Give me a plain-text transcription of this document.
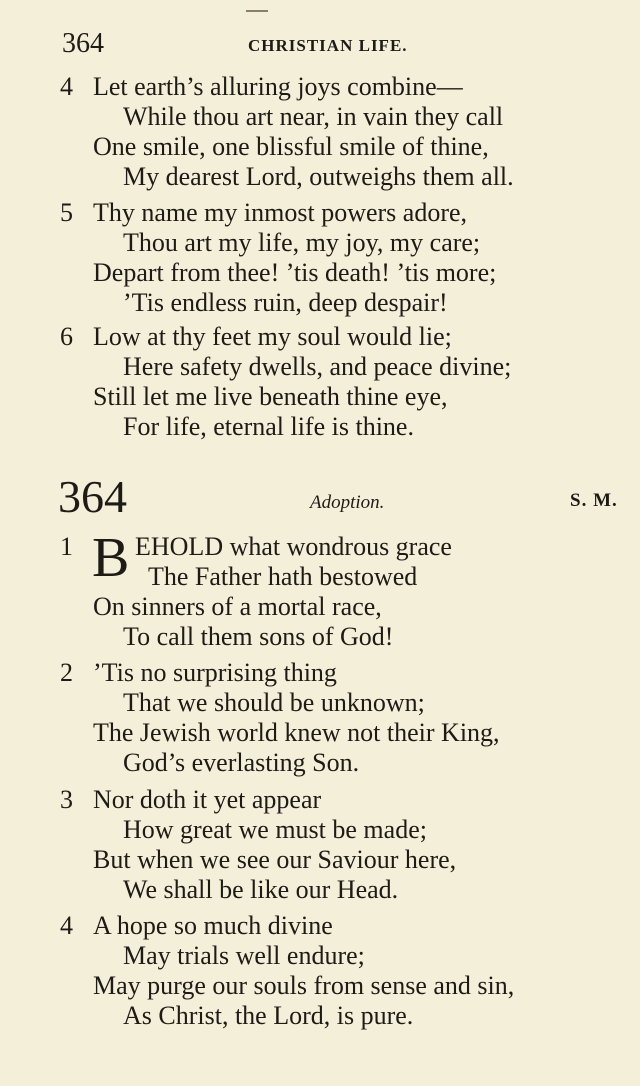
364	CHRISTIAN LIFE.
4 Let earth’s alluring joys combine—
While thou art near, in vain they call
One smile, one blissful smile of thine,
My dearest Lord, outweighs them all.
5 Thy name my inmost powers adore,
Thou art my life, my joy, my care;
Depart from thee! ’tis death! ’tis more;
’Tis endless ruin, deep despair!
6 Low at thy feet my soul would lie;
Here safety dwells, and peace divine;
Still let me live beneath thine eye,
For life, eternal life is thine.
364	Adoption.	S. M.
1 B EHOLD what wondrous grace
The Father hath bestowed
On sinners of a mortal race,
To call them sons of God!
2 ’Tis no surprising thing
That we should be unknown;
The Jewish world knew not their King,
God’s everlasting Son.
3 Nor doth it yet appear
How great we must be made;
But when we see our Saviour here,
We shall be like our Head.
4 A hope so much divine
May trials well endure;
May purge our souls from sense and sin,
As Christ, the Lord, is pure.
